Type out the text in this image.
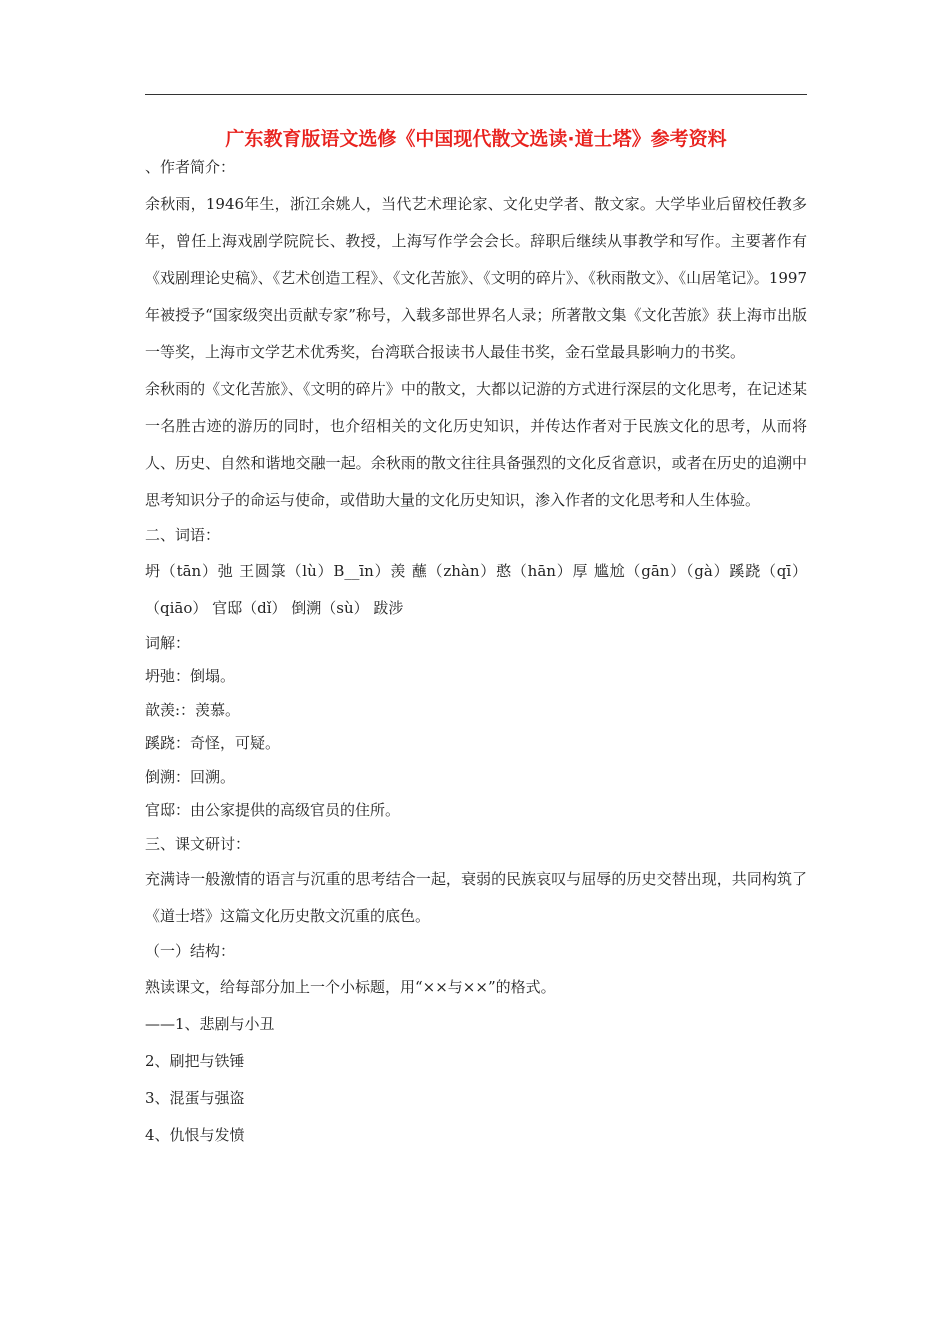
广东教育版语文选修《中国现代散文选读·道士塔》参考资料

、作者简介：

余秋雨，1946年生，浙江余姚人，当代艺术理论家、文化史学者、散文家。大学毕业后留校任教多年，曾任上海戏剧学院院长、教授，上海写作学会会长。辞职后继续从事教学和写作。主要著作有《戏剧理论史稿》、《艺术创造工程》、《文化苦旅》、《文明的碎片》、《秋雨散文》、《山居笔记》。1997年被授予“国家级突出贡献专家”称号，入载多部世界名人录；所著散文集《文化苦旅》获上海市出版一等奖，上海市文学艺术优秀奖，台湾联合报读书人最佳书奖，金石堂最具影响力的书奖。

余秋雨的《文化苦旅》、《文明的碎片》中的散文，大都以记游的方式进行深层的文化思考，在记述某一名胜古迹的游历的同时，也介绍相关的文化历史知识，并传达作者对于民族文化的思考，从而将人、历史、自然和谐地交融一起。余秋雨的散文往往具备强烈的文化反省意识，或者在历史的追溯中思考知识分子的命运与使命，或借助大量的文化历史知识，渗入作者的文化思考和人生体验。

二、词语：

坍（tān）弛 王圆箓（lù）B__īn）羡 蘸（zhàn）憨（hān）厚 尴尬（gān）（gà）蹊跷（qī）（qiāo） 官邸（dǐ） 倒溯（sù） 跋涉

词解：

坍弛：倒塌。

歆羡:：羡慕。

蹊跷：奇怪，可疑。

倒溯：回溯。

官邸：由公家提供的高级官员的住所。

三、课文研讨：

充满诗一般激情的语言与沉重的思考结合一起，衰弱的民族哀叹与屈辱的历史交替出现，共同构筑了《道士塔》这篇文化历史散文沉重的底色。

（一）结构：

熟读课文，给每部分加上一个小标题，用“××与××”的格式。

——1、悲剧与小丑

2、刷把与铁锤

3、混蛋与强盗

4、仇恨与发愤
